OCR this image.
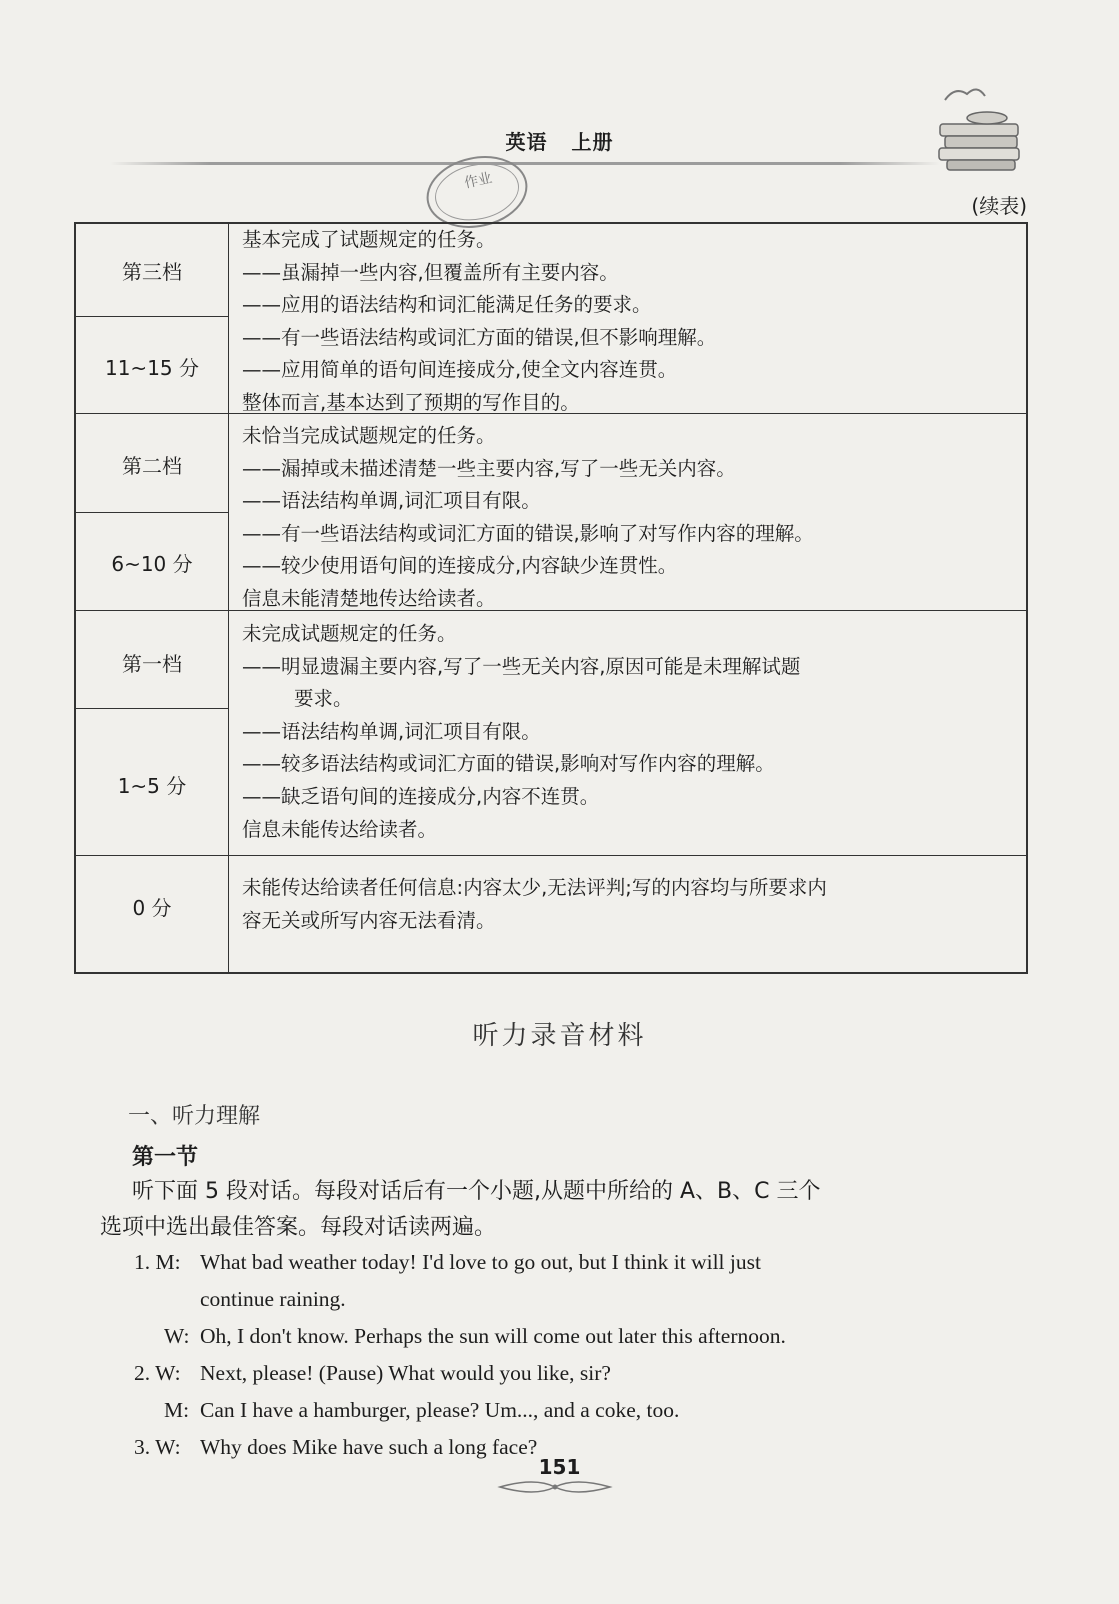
英语 上册
作业
(续表)
第三档
11~15 分
基本完成了试题规定的任务。
——虽漏掉一些内容,但覆盖所有主要内容。
——应用的语法结构和词汇能满足任务的要求。
——有一些语法结构或词汇方面的错误,但不影响理解。
——应用简单的语句间连接成分,使全文内容连贯。
整体而言,基本达到了预期的写作目的。
第二档
6~10 分
未恰当完成试题规定的任务。
——漏掉或未描述清楚一些主要内容,写了一些无关内容。
——语法结构单调,词汇项目有限。
——有一些语法结构或词汇方面的错误,影响了对写作内容的理解。
——较少使用语句间的连接成分,内容缺少连贯性。
信息未能清楚地传达给读者。
第一档
1~5 分
未完成试题规定的任务。
——明显遗漏主要内容,写了一些无关内容,原因可能是未理解试题
要求。
——语法结构单调,词汇项目有限。
——较多语法结构或词汇方面的错误,影响对写作内容的理解。
——缺乏语句间的连接成分,内容不连贯。
信息未能传达给读者。
0 分
未能传达给读者任何信息:内容太少,无法评判;写的内容均与所要求内
容无关或所写内容无法看清。
听力录音材料
一、听力理解
第一节
听下面 5 段对话。每段对话后有一个小题,从题中所给的 A、B、C 三个
选项中选出最佳答案。每段对话读两遍。
1. M: What bad weather today! I'd love to go out, but I think it will just
continue raining.
W: Oh, I don't know. Perhaps the sun will come out later this afternoon.
2. W: Next, please! (Pause) What would you like, sir?
M: Can I have a hamburger, please? Um..., and a coke, too.
3. W: Why does Mike have such a long face?
151
